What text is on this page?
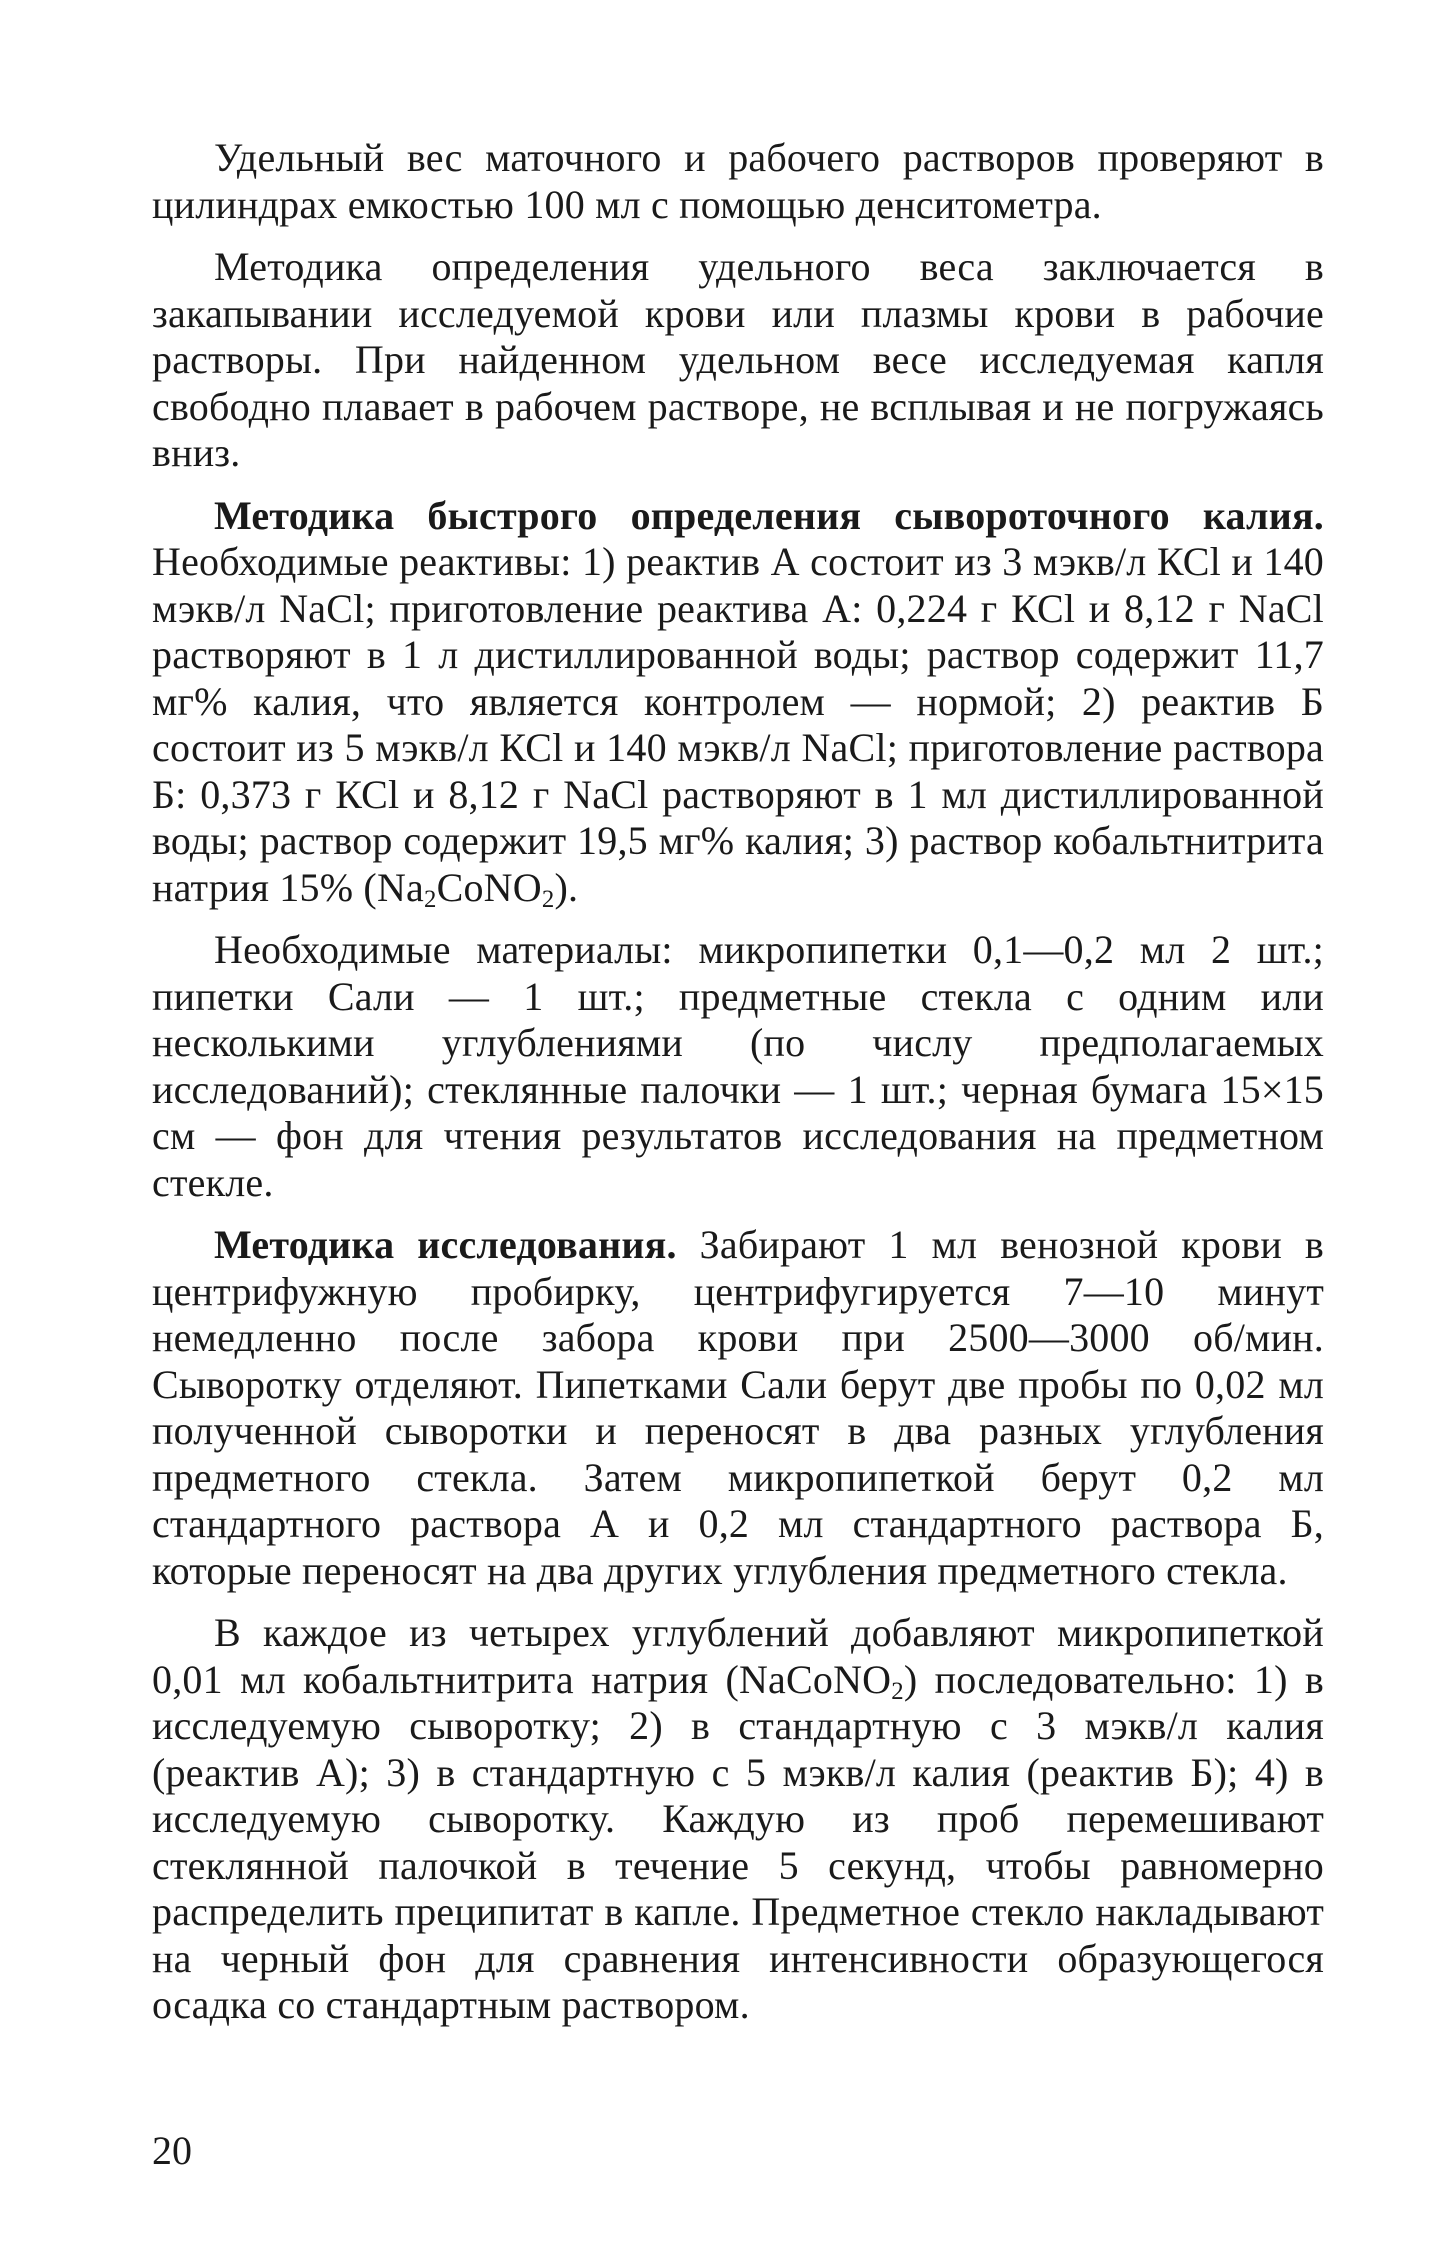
Удельный вес маточного и рабочего растворов проверяют в цилиндрах емкостью 100 мл с помощью денситометра.

Методика определения удельного веса заключается в закапывании исследуемой крови или плазмы крови в рабочие растворы. При найденном удельном весе исследуемая капля свободно плавает в рабочем растворе, не всплывая и не погружаясь вниз.

Методика быстрого определения сывороточного калия. Необходимые реактивы: 1) реактив А состоит из 3 мэкв/л КСl и 140 мэкв/л NaCl; приготовление реактива А: 0,224 г КСl и 8,12 г NaCl растворяют в 1 л дистиллированной воды; раствор содержит 11,7 мг% калия, что является контролем — нормой; 2) реактив Б состоит из 5 мэкв/л КСl и 140 мэкв/л NaCl; приготовление раствора Б: 0,373 г КСl и 8,12 г NaCl растворяют в 1 мл дистиллированной воды; раствор содержит 19,5 мг% калия; 3) раствор кобальтнитрита натрия 15% $(Na_2CoNO_2)$.

Необходимые материалы: микропипетки 0,1—0,2 мл 2 шт.; пипетки Сали — 1 шт.; предметные стекла с одним или несколькими углублениями (по числу предполагаемых исследований); стеклянные палочки — 1 шт.; черная бумага 15×15 см — фон для чтения результатов исследования на предметном стекле.

Методика исследования. Забирают 1 мл венозной крови в центрифужную пробирку, центрифугируется 7—10 минут немедленно после забора крови при 2500—3000 об/мин. Сыворотку отделяют. Пипетками Сали берут две пробы по 0,02 мл полученной сыворотки и переносят в два разных углубления предметного стекла. Затем микропипеткой берут 0,2 мл стандартного раствора А и 0,2 мл стандартного раствора Б, которые переносят на два других углубления предметного стекла.

В каждое из четырех углублений добавляют микропипеткой 0,01 мл кобальтнитрита натрия (NaCoNO$_2$) последовательно: 1) в исследуемую сыворотку; 2) в стандартную с 3 мэкв/л калия (реактив А); 3) в стандартную с 5 мэкв/л калия (реактив Б); 4) в исследуемую сыворотку. Каждую из проб перемешивают стеклянной палочкой в течение 5 секунд, чтобы равномерно распределить преципитат в капле. Предметное стекло накладывают на черный фон для сравнения интенсивности образующегося осадка со стандартным раствором.

20
